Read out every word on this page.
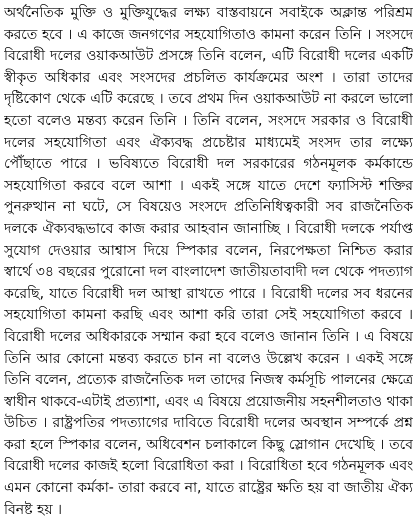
অর্থনৈতিক মুক্তি ও মুক্তিযুদ্ধের লক্ষ্য বাস্তবায়নে সবাইকে অক্লান্ত পরিশ্রম
করতে হবে । এ কাজে জনগণের সহযোগিতাও কামনা করেন তিনি । সংসদে
বিরোধী দলের ওয়াকআউট প্রসঙ্গে তিনি বলেন, এটি বিরোধী দলের একটি
স্বীকৃত অধিকার এবং সংসদের প্রচলিত কার্যক্রমের অংশ । তারা তাদের
দৃষ্টিকোণ থেকে এটি করেছে । তবে প্রথম দিন ওয়াকআউট না করলে ভালো
হতো বলেও মন্তব্য করেন তিনি । তিনি বলেন, সংসদে সরকার ও বিরোধী
দলের সহযোগিতা এবং ঐক্যবদ্ধ প্রচেষ্টার মাধ্যমেই সংসদ তার লক্ষ্যে
পৌঁছাতে পারে । ভবিষ্যতে বিরোধী দল সরকারের গঠনমূলক কর্মকান্ডে
সহযোগিতা করবে বলে আশা । একই সঙ্গে যাতে দেশে ফ্যাসিস্ট শক্তির
পুনরুত্থান না ঘটে, সে বিষয়েও সংসদে প্রতিনিধিত্বকারী সব রাজনৈতিক
দলকে ঐক্যবদ্ধভাবে কাজ করার আহবান জানাচ্ছি । বিরোধী দলকে পর্যাপ্ত
সুযোগ দেওয়ার আশ্বাস দিয়ে স্পিকার বলেন, নিরপেক্ষতা নিশ্চিত করার
স্বার্থে ৩৪ বছরের পুরোনো দল বাংলাদেশ জাতীয়তাবাদী দল থেকে পদত্যাগ
করেছি, যাতে বিরোধী দল আস্থা রাখতে পারে । বিরোধী দলের সব ধরনের
সহযোগিতা কামনা করছি এবং আশা করি তারা সেই সহযোগিতা করবে ।
বিরোধী দলের অধিকারকে সম্মান করা হবে বলেও জানান তিনি । এ বিষয়ে
তিনি আর কোনো মন্তব্য করতে চান না বলেও উল্লেখ করেন । একই সঙ্গে
তিনি বলেন, প্রত্যেক রাজনৈতিক দল তাদের নিজস্ব কর্মসূচি পালনের ক্ষেত্রে
স্বাধীন থাকবে-এটাই প্রত্যাশা, এবং এ বিষয়ে প্রয়োজনীয় সহনশীলতাও থাকা
উচিত । রাষ্ট্রপতির পদত্যাগের দাবিতে বিরোধী দলের অবস্থান সম্পর্কে প্রশ্ন
করা হলে স্পিকার বলেন, অধিবেশন চলাকালে কিছু স্লোগান দেখেছি । তবে
বিরোধী দলের কাজই হলো বিরোধিতা করা । বিরোধিতা হবে গঠনমূলক এবং
এমন কোনো কর্মকা- তারা করবে না, যাতে রাষ্ট্রের ক্ষতি হয় বা জাতীয় ঐক্য
বিনষ্ট হয় ।
